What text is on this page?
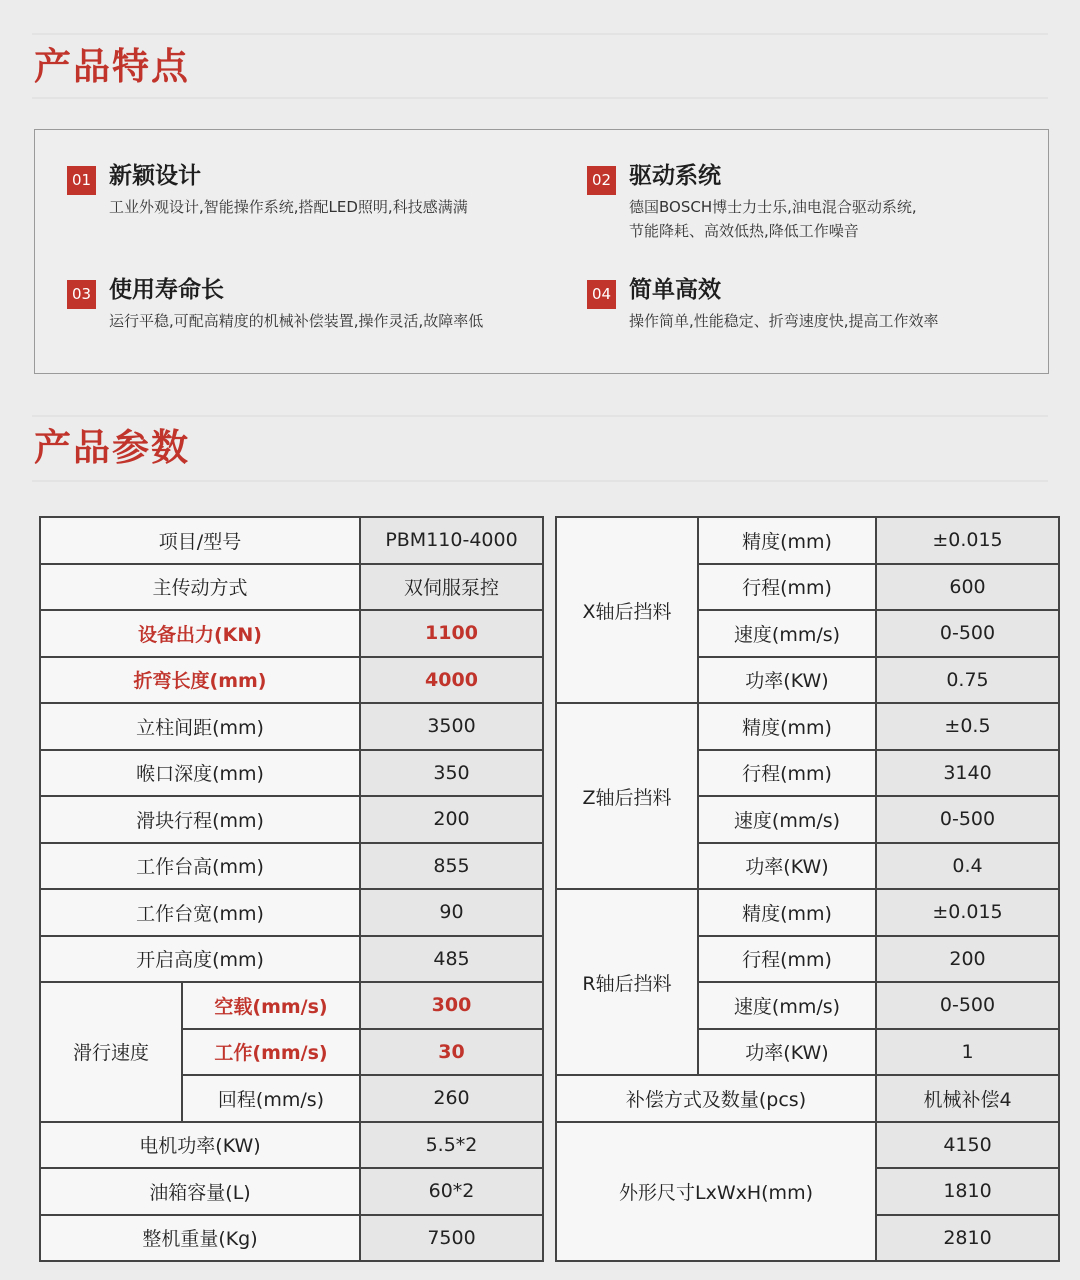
产品特点
01 新颖设计
工业外观设计,智能操作系统,搭配LED照明,科技感满满
02 驱动系统
德国BOSCH博士力士乐,油电混合驱动系统,
节能降耗、高效低热,降低工作噪音
03 使用寿命长
运行平稳,可配高精度的机械补偿装置,操作灵活,故障率低
04 简单高效
操作简单,性能稳定、折弯速度快,提高工作效率
产品参数
项目/型号		PBM110-4000
主传动方式		双伺服泵控
设备出力(KN)		1100
折弯长度(mm)		4000
立柱间距(mm)		3500
喉口深度(mm)		350
滑块行程(mm)		200
工作台高(mm)		855
工作台宽(mm)		90
开启高度(mm)		485
滑行速度	空载(mm/s)	300
	工作(mm/s)	30
	回程(mm/s)	260
电机功率(KW)		5.5*2
油箱容量(L)		60*2
整机重量(Kg)		7500
X轴后挡料	精度(mm)	±0.015
	行程(mm)	600
	速度(mm/s)	0-500
	功率(KW)	0.75
Z轴后挡料	精度(mm)	±0.5
	行程(mm)	3140
	速度(mm/s)	0-500
	功率(KW)	0.4
R轴后挡料	精度(mm)	±0.015
	行程(mm)	200
	速度(mm/s)	0-500
	功率(KW)	1
补偿方式及数量(pcs)		机械补偿4
外形尺寸LxWxH(mm)		4150
		1810
		2810
